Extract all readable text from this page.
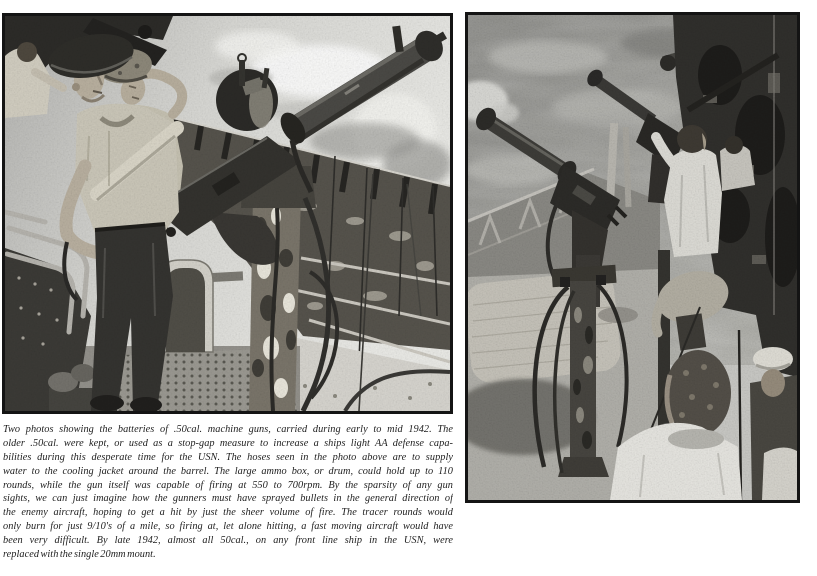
Two photos showing the batteries of .50cal. machine guns, carried during early to mid 1942. The
older .50cal. were kept, or used as a stop-gap measure to increase a ships light AA defense capa-
bilities during this desperate time for the USN. The hoses seen in the photo above are to supply
water to the cooling jacket around the barrel. The large ammo box, or drum, could hold up to 110
rounds, while the gun itself was capable of firing at 550 to 700rpm. By the sparsity of any gun
sights, we can just imagine how the gunners must have sprayed bullets in the general direction of
the enemy aircraft, hoping to get a hit by just the sheer volume of fire. The tracer rounds would
only burn for just 9/10's of a mile, so firing at, let alone hitting, a fast moving aircraft would have
been very difficult. By late 1942, almost all 50cal., on any front line ship in the USN, were
replaced with the single 20mm mount.
